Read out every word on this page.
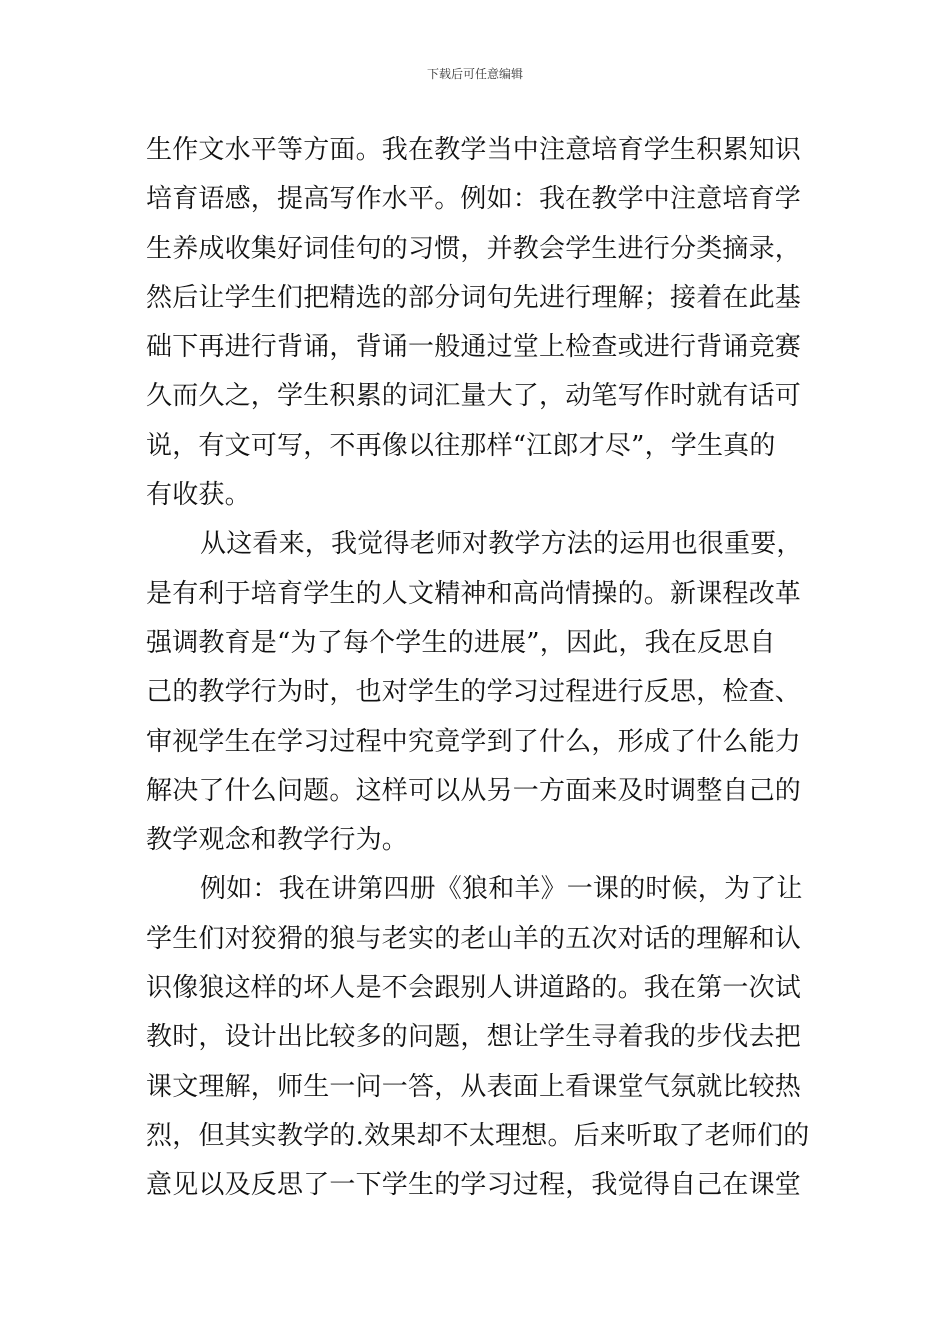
下载后可任意编辑
生作文水平等方面。我在教学当中注意培育学生积累知识
培育语感，提高写作水平。例如：我在教学中注意培育学
生养成收集好词佳句的习惯，并教会学生进行分类摘录，
然后让学生们把精选的部分词句先进行理解；接着在此基
础下再进行背诵，背诵一般通过堂上检查或进行背诵竞赛
久而久之，学生积累的词汇量大了，动笔写作时就有话可
说，有文可写，不再像以往那样“江郎才尽”，学生真的
有收获。
从这看来，我觉得老师对教学方法的运用也很重要，
是有利于培育学生的人文精神和高尚情操的。新课程改革
强调教育是“为了每个学生的进展”，因此，我在反思自
己的教学行为时，也对学生的学习过程进行反思，检查、
审视学生在学习过程中究竟学到了什么，形成了什么能力
解决了什么问题。这样可以从另一方面来及时调整自己的
教学观念和教学行为。
例如：我在讲第四册《狼和羊》一课的时候，为了让
学生们对狡猾的狼与老实的老山羊的五次对话的理解和认
识像狼这样的坏人是不会跟别人讲道路的。我在第一次试
教时，设计出比较多的问题，想让学生寻着我的步伐去把
课文理解，师生一问一答，从表面上看课堂气氛就比较热
烈，但其实教学的.效果却不太理想。后来听取了老师们的
意见以及反思了一下学生的学习过程，我觉得自己在课堂
